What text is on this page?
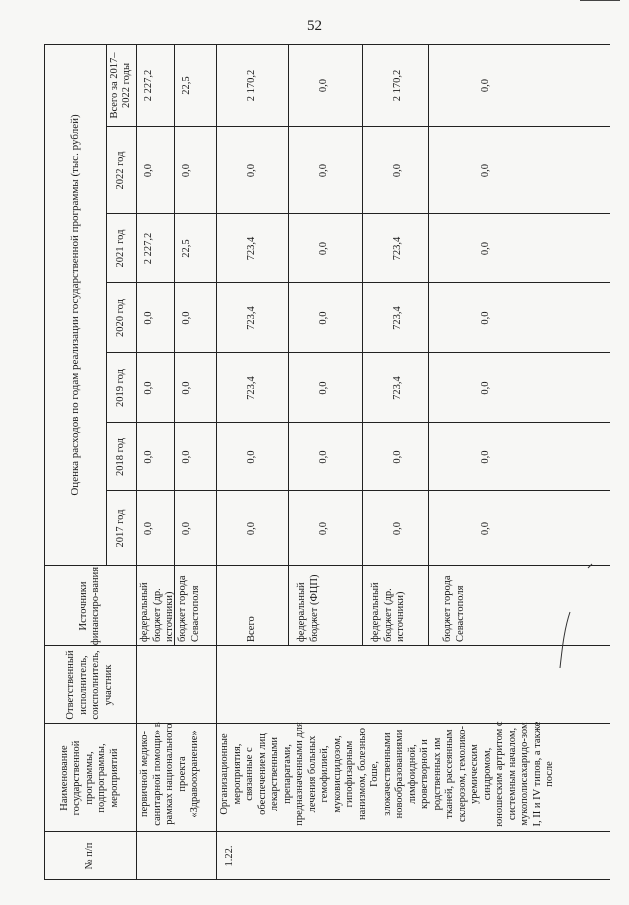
52
№ п/п
Наименование государственной программы, подпрограммы, мероприятий
Ответственный исполнитель, соисполнитель, участник
Источники финансиро-вания
Оценка расходов по годам реализации государственной программы (тыс. рублей)
2017 год
2018 год
2019 год
2020 год
2021 год
2022 год
Всего за 2017–2022 годы
первичной медико-санитарной помощи» в рамках национального проекта «Здравоохранение»
федеральный бюджет (др. источники)
0,0
0,0
0,0
0,0
2 227,2
0,0
2 227,2
бюджет города Севастополя
0,0
0,0
0,0
0,0
22,5
0,0
22,5
1.22.
Организационные мероприятия, связанные с обеспечением лиц лекарственными препаратами, предназначенными для лечения больных гемофилией, муковисцидозом, гипофизарным нанизмом, болезнью Гоше, злокачественными новообразованиями лимфоидной, кроветворной и родственных им тканей, рассеянным склерозом, гемолико-уремическим синдромом, юношеским артритом с системным началом, мукополисахаридо-зом I, II и IV типов, а также после
Всего
0,0
0,0
723,4
723,4
723,4
0,0
2 170,2
федеральный бюджет (ФЦП)
0,0
0,0
0,0
0,0
0,0
0,0
0,0
федеральный бюджет (др. источники)
0,0
0,0
723,4
723,4
723,4
0,0
2 170,2
бюджет города Севастополя
0,0
0,0
0,0
0,0
0,0
0,0
0,0
